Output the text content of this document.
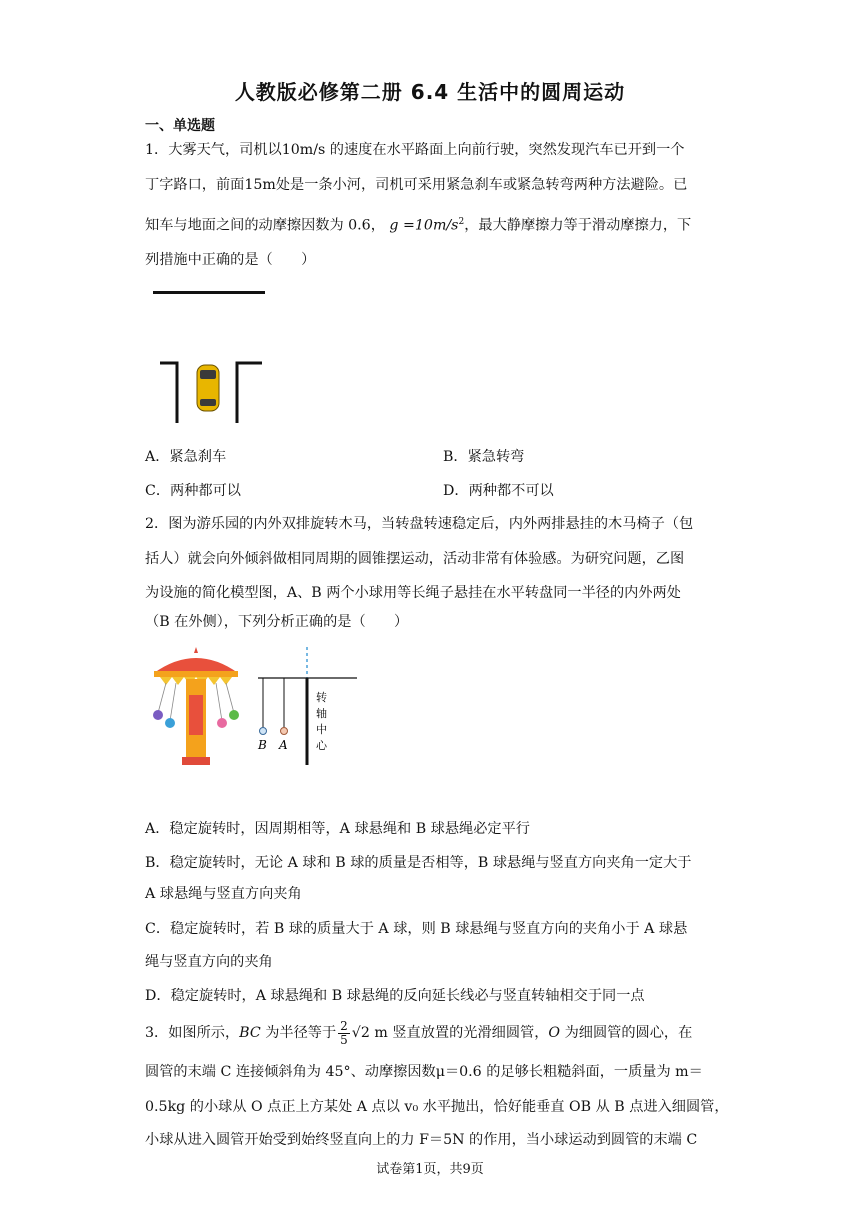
人教版必修第二册 6.4 生活中的圆周运动
一、单选题
1．大雾天气，司机以10m/s 的速度在水平路面上向前行驶，突然发现汽车已开到一个
丁字路口，前面15m处是一条小河，司机可采用紧急刹车或紧急转弯两种方法避险。已
知车与地面之间的动摩擦因数为 0.6， $g =10m/s^2$，最大静摩擦力等于滑动摩擦力，下
列措施中正确的是（　　）
A．紧急刹车	B．紧急转弯
C．两种都可以	D．两种都不可以
2．图为游乐园的内外双排旋转木马，当转盘转速稳定后，内外两排悬挂的木马椅子（包
括人）就会向外倾斜做相同周期的圆锥摆运动，活动非常有体验感。为研究问题，乙图
为设施的简化模型图，A、B 两个小球用等长绳子悬挂在水平转盘同一半径的内外两处
（B 在外侧），下列分析正确的是（　　）
B A
转
轴
中
心
A．稳定旋转时，因周期相等，A 球悬绳和 B 球悬绳必定平行
B．稳定旋转时，无论 A 球和 B 球的质量是否相等，B 球悬绳与竖直方向夹角一定大于
A 球悬绳与竖直方向夹角
C．稳定旋转时，若 B 球的质量大于 A 球，则 B 球悬绳与竖直方向的夹角小于 A 球悬
绳与竖直方向的夹角
D．稳定旋转时，A 球悬绳和 B 球悬绳的反向延长线必与竖直转轴相交于同一点
3．如图所示，BC 为半径等于 $\frac{2}{5} √2$ m 竖直放置的光滑细圆管，O 为细圆管的圆心，在
圆管的末端 C 连接倾斜角为 45°、动摩擦因数μ＝0.6 的足够长粗糙斜面，一质量为 m＝
0.5kg 的小球从 O 点正上方某处 A 点以 v₀ 水平抛出，恰好能垂直 OB 从 B 点进入细圆管，
小球从进入圆管开始受到始终竖直向上的力 F＝5N 的作用，当小球运动到圆管的末端 C
试卷第1页，共9页
